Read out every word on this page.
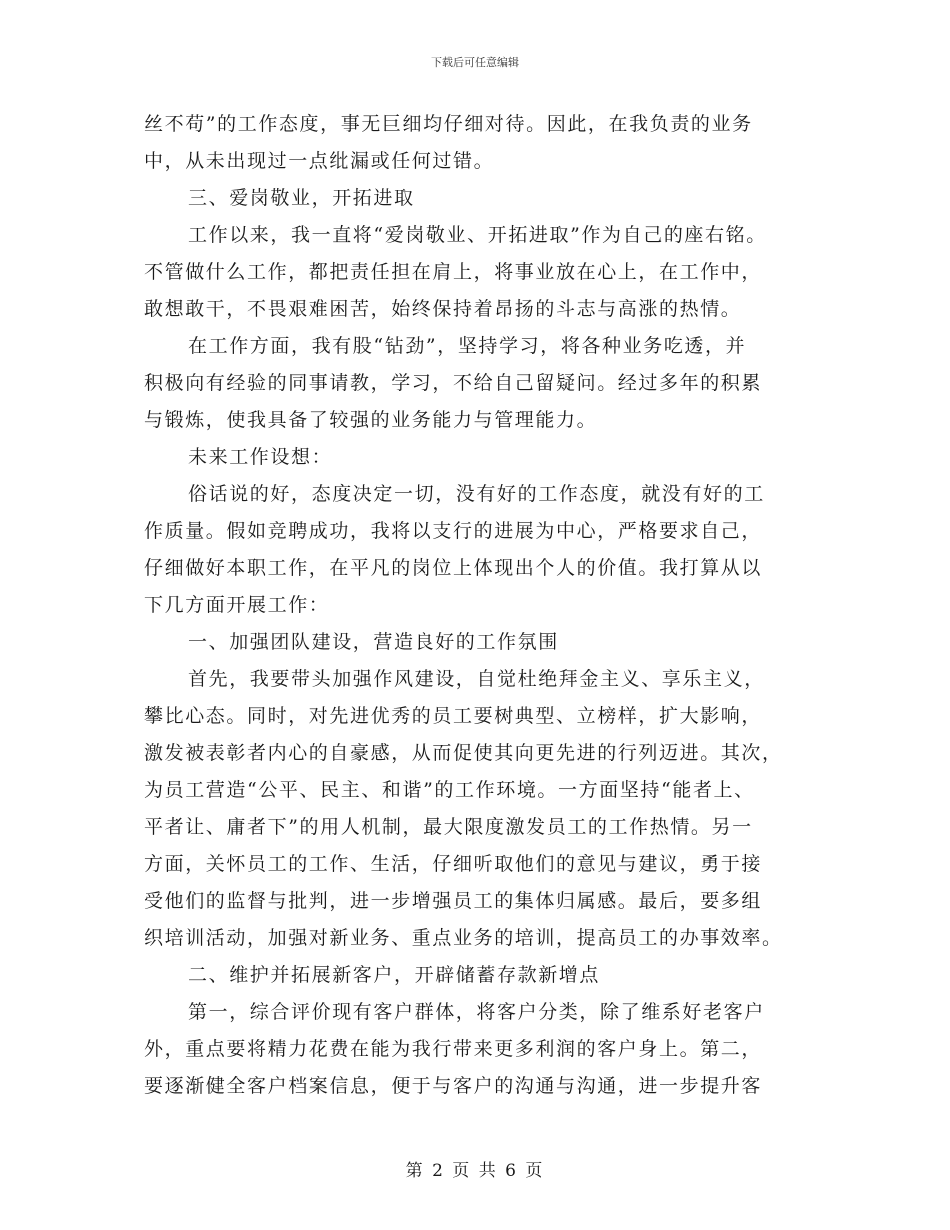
下载后可任意编辑
丝不苟”的工作态度，事无巨细均仔细对待。因此，在我负责的业务
中，从未出现过一点纰漏或任何过错。
三、爱岗敬业，开拓进取
工作以来，我一直将“爱岗敬业、开拓进取”作为自己的座右铭。
不管做什么工作，都把责任担在肩上，将事业放在心上，在工作中，
敢想敢干，不畏艰难困苦，始终保持着昂扬的斗志与高涨的热情。
在工作方面，我有股“钻劲”，坚持学习，将各种业务吃透，并
积极向有经验的同事请教，学习，不给自己留疑问。经过多年的积累
与锻炼，使我具备了较强的业务能力与管理能力。
未来工作设想：
俗话说的好，态度决定一切，没有好的工作态度，就没有好的工
作质量。假如竞聘成功，我将以支行的进展为中心，严格要求自己，
仔细做好本职工作，在平凡的岗位上体现出个人的价值。我打算从以
下几方面开展工作：
一、加强团队建设，营造良好的工作氛围
首先，我要带头加强作风建设，自觉杜绝拜金主义、享乐主义，
攀比心态。同时，对先进优秀的员工要树典型、立榜样，扩大影响，
激发被表彰者内心的自豪感，从而促使其向更先进的行列迈进。其次，
为员工营造“公平、民主、和谐”的工作环境。一方面坚持“能者上、
平者让、庸者下”的用人机制，最大限度激发员工的工作热情。另一
方面，关怀员工的工作、生活，仔细听取他们的意见与建议，勇于接
受他们的监督与批判，进一步增强员工的集体归属感。最后，要多组
织培训活动，加强对新业务、重点业务的培训，提高员工的办事效率。
二、维护并拓展新客户，开辟储蓄存款新增点
第一，综合评价现有客户群体，将客户分类，除了维系好老客户
外，重点要将精力花费在能为我行带来更多利润的客户身上。第二，
要逐渐健全客户档案信息，便于与客户的沟通与沟通，进一步提升客
第 2 页 共 6 页
